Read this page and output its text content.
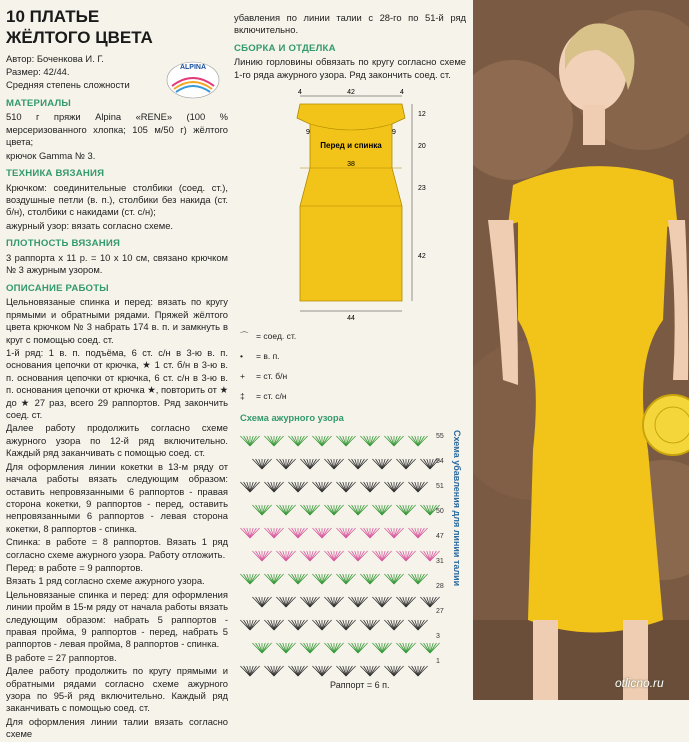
10 ПЛАТЬЕ ЖЁЛТОГО ЦВЕТА

Автор: Боченкова И. Г.

Размер: 42/44.

Средняя степень сложности

МАТЕРИАЛЫ

510 г пряжи Alpina «RENE» (100 % мерсеризованного хлопка; 105 м/50 г) жёлтого цвета;

крючок Gamma № 3.

ТЕХНИКА ВЯЗАНИЯ

Крючком: соединительные столбики (соед. ст.), воздушные петли (в. п.), столбики без накида (ст. б/н), столбики с накидами (ст. с/н);

ажурный узор: вязать согласно схеме.

ПЛОТНОСТЬ ВЯЗАНИЯ

3 раппорта х 11 р. = 10 х 10 см, связано крючком № 3 ажурным узором.

ОПИСАНИЕ РАБОТЫ

Цельновязаные спинка и перед: вязать по кругу прямыми и обратными рядами. Пряжей жёлтого цвета крючком № 3 набрать 174 в. п. и замкнуть в круг с помощью соед. ст.

1-й ряд: 1 в. п. подъёма, 6 ст. с/н в 3-ю в. п. основания цепочки от крючка, ★ 1 ст. б/н в 3-ю в. п. основания цепочки от крючка, 6 ст. с/н в 3-ю в. п. основания цепочки от крючка ★, повторить от ★ до ★ 27 раз, всего 29 раппортов. Ряд закончить соед. ст.

Далее работу продолжить согласно схеме ажурного узора по 12-й ряд включительно. Каждый ряд заканчивать с помощью соед. ст.

Для оформления линии кокетки в 13-м ряду от начала работы вязать следующим образом: оставить непровязанными 6 раппортов - правая сторона кокетки, 9 раппортов - перед, оставить непровязанными 6 раппортов - левая сторона кокетки, 8 раппортов - спинка.

Спинка: в работе = 8 раппортов. Вязать 1 ряд согласно схеме ажурного узора. Работу отложить.

Перед: в работе = 9 раппортов.

Вязать 1 ряд согласно схеме ажурного узора.

Цельновязаные спинка и перед: для оформления линии пройм в 15-м ряду от начала работы вязать следующим образом: набрать 5 раппортов - правая пройма, 9 раппортов - перед, набрать 5 раппортов - левая пройма, 8 раппортов - спинка.

В работе = 27 раппортов.

Далее работу продолжить по кругу прямыми и обратными рядами согласно схеме ажурного узора по 95-й ряд включительно. Каждый ряд заканчивать с помощью соед. ст.

Для оформления линии талии вязать согласно схеме

ALPINA

убавления по линии талии с 28-го по 51-й ряд включительно.

СБОРКА И ОТДЕЛКА

Линию горловины обвязать по кругу согласно схеме 1-го ряда ажурного узора. Ряд закончить соед. ст.

4	42	4
12
20
23
42
9	9
38
44
Перед и спинка
⌒ = соед. ст.
•	= в. п.
+	= ст. б/н
‡	= ст. с/н
Схема ажурного узора
55
54
51
50
47
31
28
27
3
1
Схема убавления для линии талии
Раппорт = 6 п.	otlicno.ru
